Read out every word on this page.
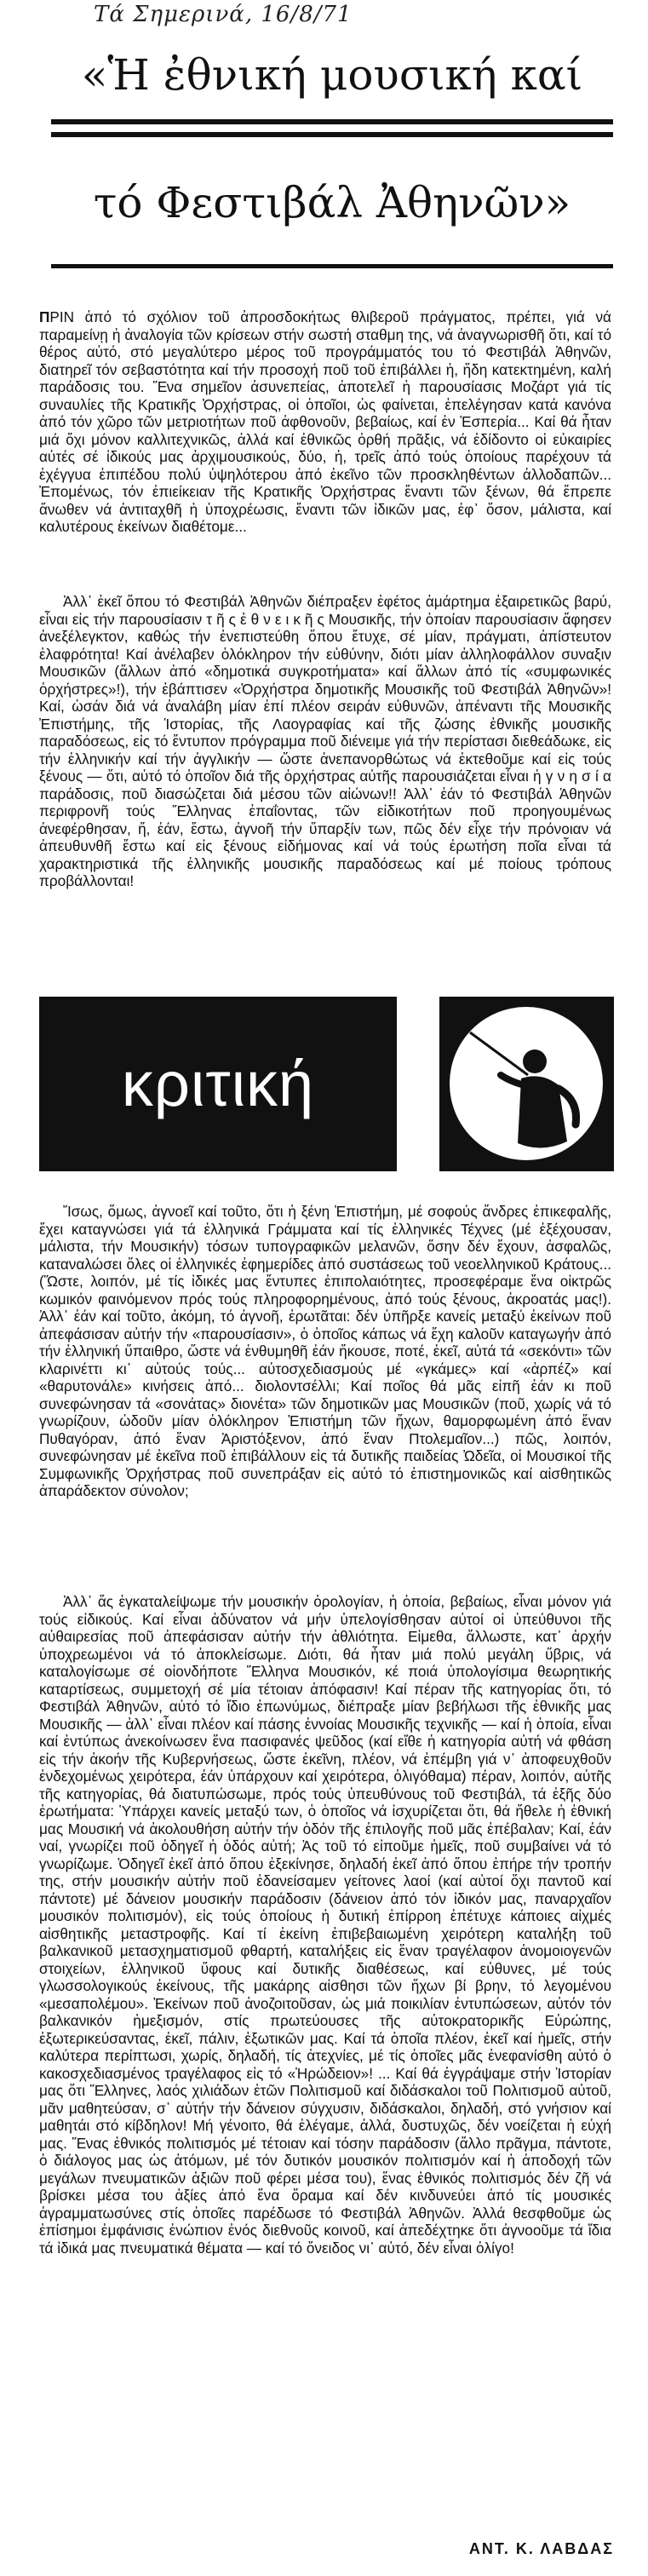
Τά Σημερινά, 16/8/71
«Ἡ ἐθνική μουσική καί
τό Φεστιβάλ Ἀθηνῶν»

ΠΡΙΝ ἀπό τό σχόλιον τοῦ ἀπροσδοκήτως θλιβεροῦ πράγματος, πρέπει, γιά νά παραμείνῃ ἡ ἀναλογία τῶν κρίσεων στήν σωστή σταθμη της, νά ἀναγνωρισθῆ ὅτι, καί τό θέρος αὐτό, στό μεγαλύτερο μέρος τοῦ προγράμματός του τό Φεστιβάλ Ἀθηνῶν, διατηρεῖ τόν σεβαστότητα καί τήν προσοχή ποῦ τοῦ ἐπιβάλλει ἡ, ἤδη κατεκτημένη, καλή παράδοσις του. Ἕνα σημεῖον ἀσυνεπείας, ἀποτελεῖ ἡ παρουσίασις Μοζάρτ γιά τίς συναυλίες τῆς Κρατικῆς Ὀρχήστρας, οἱ ὁποῖοι, ὡς φαίνεται, ἐπελέγησαν κατά κανόνα ἀπό τόν χῶρο τῶν μετριοτήτων ποῦ ἀφθονοῦν, βεβαίως, καί ἐν Ἑσπερία... Καί θά ἦταν μιά ὄχι μόνον καλλιτεχνικῶς, ἀλλά καί ἐθνικῶς ὀρθή πρᾶξις, νά ἐδίδοντο οἱ εὐκαιρίες αὐτές σέ ἰδικούς μας ἀρχιμουσικούς, δύο, ἡ, τρεῖς ἀπό τούς ὁποίους παρέχουν τά ἐχέγγυα ἐπιπέδου πολύ ὑψηλότερου ἀπό ἐκεῖνο τῶν προσκληθέντων ἀλλοδαπῶν... Ἐπομένως, τόν ἐπιείκειαν τῆς Κρατικῆς Ὀρχήστρας ἔναντι τῶν ξένων, θά ἔπρεπε ἄνωθεν νά ἀντιταχθῆ ἡ ὑποχρέωσις, ἔναντι τῶν ἰδικῶν μας, ἐφ᾽ ὅσον, μάλιστα, καί καλυτέρους ἐκείνων διαθέτομε...

Ἀλλ᾽ ἐκεῖ ὅπου τό Φεστιβάλ Ἀθηνῶν διέπραξεν ἐφέτος ἁμάρτημα ἐξαιρετικῶς βαρύ, εἶναι εἰς τήν παρουσίασιν τ ῆ ς ἐ θ ν ε ι κ ῆ ς Μουσικῆς, τήν ὁποίαν παρουσίασιν ἄφησεν ἀνεξέλεγκτον, καθώς τήν ἐνεπιστεύθη ὅπου ἔτυχε, σέ μίαν, πράγματι, ἀπίστευτον ἐλαφρότητα! Καί ἀνέλαβεν ὁλόκληρον τήν εὐθύνην, διότι μίαν ἀλληλοφάλλον συναξιν Μουσικῶν (ἄλλων ἀπό «δημοτικά συγκροτήματα» καί ἄλλων ἀπό τίς «συμφωνικές ὀρχήστρες»!), τήν ἐβάπτισεν «Ὀρχήστρα δημοτικῆς Μουσικῆς τοῦ Φεστιβάλ Ἀθηνῶν»! Καί, ὡσάν διά νά ἀναλάβη μίαν ἐπί πλέον σειράν εὐθυνῶν, ἀπέναντι τῆς Μουσικῆς Ἐπιστήμης, τῆς Ἱστορίας, τῆς Λαογραφίας καί τῆς ζώσης ἐθνικῆς μουσικῆς παραδόσεως, εἰς τό ἔντυπον πρόγραμμα ποῦ διένειμε γιά τήν περίστασι διεθεάδωκε, εἰς τήν ἑλληνικήν καί τήν ἀγγλικήν — ὥστε ἀνεπανορθώτως νά ἐκτεθοῦμε καί εἰς τούς ξένους — ὅτι, αὐτό τό ὁποῖον διά τῆς ὀρχήστρας αὐτῆς παρουσιάζεται εἶναι ἡ γ ν η σ ί α παράδοσις, ποῦ διασώζεται διά μέσου τῶν αἰώνων!! Ἀλλ᾽ ἐάν τό Φεστιβάλ Ἀθηνῶν περιφρονῆ τούς Ἕλληνας ἐπαΐοντας, τῶν εἰδικοτήτων ποῦ προηγουμένως ἀνεφέρθησαν, ἤ, ἐάν, ἔστω, ἀγνοῆ τήν ὕπαρξίν των, πῶς δέν εἶχε τήν πρόνοιαν νά ἀπευθυνθῆ ἔστω καί εἰς ξένους εἰδήμονας καί νά τούς ἐρωτήση ποῖα εἶναι τά χαρακτηριστικά τῆς ἑλληνικῆς μουσικῆς παραδόσεως καί μέ ποίους τρόπους προβάλλονται!

κριτική

Ἴσως, ὅμως, ἀγνοεῖ καί τοῦτο, ὅτι ἡ ξένη Ἐπιστήμη, μέ σοφούς ἄνδρες ἐπικεφαλῆς, ἔχει καταγνώσει γιά τά ἑλληνικά Γράμματα καί τίς ἑλληνικές Τέχνες (μέ ἐξέχουσαν, μάλιστα, τήν Μουσικήν) τόσων τυπογραφικῶν μελανῶν, ὅσην δέν ἔχουν, ἀσφαλῶς, καταναλώσει ὅλες οἱ ἑλληνικές ἐφημερίδες ἀπό συστάσεως τοῦ νεοελληνικοῦ Κράτους... (Ὥστε, λοιπόν, μέ τίς ἰδικές μας ἔντυπες ἐπιπολαιότητες, προσεφέραμε ἕνα οἰκτρῶς κωμικόν φαινόμενον πρός τούς πληροφορημένους, ἀπό τούς ξένους, ἀκροατάς μας!). Ἀλλ᾽ ἐάν καί τοῦτο, ἀκόμη, τό ἀγνοῆ, ἐρωτᾶται: δέν ὑπῆρξε κανείς μεταξύ ἐκείνων ποῦ ἀπεφάσισαν αὐτήν τήν «παρουσίασιν», ὁ ὁποῖος κάπως νά ἔχη καλοῦν καταγωγήν ἀπό τήν ἑλληνική ὕπαιθρο, ὥστε νά ἐνθυμηθῆ ἐάν ἤκουσε, ποτέ, ἐκεῖ, αὐτά τά «σεκόντι» τῶν κλαρινέττι κι᾽ αὐτούς τούς... αὐτοσχεδιασμούς μέ «γκάμες» καί «ἀρπέζ» καί «θαρυτονάλε» κινήσεις ἀπό... διολοντσέλλι; Καί ποῖος θά μᾶς εἰπῆ ἐάν κι ποῦ συνεφώνησαν τά «σονάτας» διονέτα» τῶν δημοτικῶν μας Μουσικῶν (ποῦ, χωρίς νά τό γνωρίζουν, ὡδοῦν μίαν ὁλόκληρον Ἐπιστήμη τῶν ἤχων, θαμορφωμένη ἀπό ἕναν Πυθαγόραν, ἀπό ἕναν Ἀριστόξενον, ἀπό ἕναν Πτολεμαῖον...) πῶς, λοιπόν, συνεφώνησαν μέ ἐκεῖνα ποῦ ἐπιβάλλουν εἰς τά δυτικῆς παιδείας Ὠδεῖα, οἱ Μουσικοί τῆς Συμφωνικῆς Ὀρχήστρας ποῦ συνεπράξαν εἰς αὐτό τό ἐπιστημονικῶς καί αἰσθητικῶς ἀπαράδεκτον σύνολον;

Ἀλλ᾽ ἄς ἐγκαταλείψωμε τήν μουσικήν ὀρολογίαν, ἡ ὁποία, βεβαίως, εἶναι μόνον γιά τούς εἰδικούς. Καί εἶναι ἀδύνατον νά μήν ὑπελογίσθησαν αὐτοί οἱ ὑπεύθυνοι τῆς αὐθαιρεσίας ποῦ ἀπεφάσισαν αὐτήν τήν ἀθλιότητα. Εἰμεθα, ἄλλωστε, κατ᾽ ἀρχήν ὑποχρεωμένοι νά τό ἀποκλείσωμε. Διότι, θά ἦταν μιά πολύ μεγάλη ὕβρις, νά καταλογίσωμε σέ οἰονδήποτε Ἕλληνα Μουσικόν, κέ ποιά ὑπολογίσιμα θεωρητικής καταρτίσεως, συμμετοχή σέ μία τέτοιαν ἀπόφασιν! Καί πέραν τῆς κατηγορίας ὅτι, τό Φεστιβάλ Ἀθηνῶν, αὐτό τό ἴδιο ἐπωνύμως, διέπραξε μίαν βεβήλωσι τῆς ἐθνικῆς μας Μουσικῆς — ἀλλ᾽ εἶναι πλέον καί πάσης ἐννοίας Μουσικῆς τεχνικῆς — καί ἡ ὁποία, εἶναι καί ἐντύπως ἀνεκοίνωσεν ἕνα πασιφανές ψεῦδος (καί εἴθε ἡ κατηγορία αὐτή νά φθάση εἰς τήν ἀκοήν τῆς Κυβερνήσεως, ὥστε ἐκεῖνη, πλέον, νά ἐπέμβη γιά ν᾽ ἀποφευχθοῦν ἐνδεχομένως χειρότερα, ἐάν ὑπάρχουν καί χειρότερα, ὁλιγόθαμα) πέραν, λοιπόν, αὐτῆς τῆς κατηγορίας, θά διατυπώσωμε, πρός τούς ὑπευθύνους τοῦ Φεστιβάλ, τά ἑξῆς δύο ἐρωτήματα: Ὑπάρχει κανείς μεταξύ των, ὁ ὁποῖος νά ἰσχυρίζεται ὅτι, θά ἤθελε ἡ ἐθνική μας Μουσική νά ἀκολουθήση αὐτήν τήν ὁδόν τῆς ἐπιλογῆς ποῦ μᾶς ἐπέβαλαν; Καί, ἐάν ναί, γνωρίζει ποῦ ὁδηγεῖ ἡ ὁδός αὐτή; Ἀς τοῦ τό εἰποῦμε ἡμεῖς, ποῦ συμβαίνει νά τό γνωρίζωμε. Ὁδηγεῖ ἐκεῖ ἀπό ὅπου ἐξεκίνησε, δηλαδή ἐκεῖ ἀπό ὅπου ἐπήρε τήν τροπήν της, στήν μουσικήν αὐτήν ποῦ ἐδανείσαμεν γείτονες λαοί (καί αὐτοί ὅχι παντοῦ καί πάντοτε) μέ δάνειον μουσικήν παράδοσιν (δάνειον ἀπό τόν ἰδικόν μας, παναρχαῖον μουσικόν πολιτισμόν), εἰς τούς ὁποίους ἡ δυτική ἐπίρροη ἐπέτυχε κάποιες αἰχμές αἰσθητικῆς μεταστροφῆς. Καί τί ἐκείνη ἐπιβεβαιωμένη χειρότερη καταλήξη τοῦ βαλκανικοῦ μετασχηματισμοῦ φθαρτή, καταλήξεις εἰς ἕναν τραγέλαφον ἀνομοιογενῶν στοιχείων, ἑλληνικοῦ ὕφους καί δυτικῆς διαθέσεως, καί εὐθυνες, μέ τούς γλωσσολογικούς ἐκείνους, τῆς μακάρης αἰσθησι τῶν ἤχων βί βρην, τό λεγομένου «μεσαπολέμου». Ἐκείνων ποῦ ἀνοζοιτοῦσαν, ὡς μιά ποικιλίαν ἐντυπώσεων, αὐτόν τόν βαλκανικόν ἠμεξισμόν, στίς πρωτεύουσες τῆς αὐτοκρατορικῆς Εὐρώπης, ἐξωτερικεύσαντας, ἐκεῖ, πάλιν, ἐξωτικῶν μας. Καί τά ὁποῖα πλέον, ἐκεῖ καί ἡμεῖς, στήν καλύτερα περίπτωσι, χωρίς, δηλαδή, τίς ἀτεχνίες, μέ τίς ὁποῖες μᾶς ἐνεφανίσθη αὐτό ὁ κακοσχεδιασμένος τραγέλαφος εἰς τό «Ἡρώδειον»! ... Καί θά ἐγγράψαμε στήν Ἱστορίαν μας ὅτι Ἕλληνες, λαός χιλιάδων ἐτῶν Πολιτισμοῦ καί διδάσκαλοι τοῦ Πολιτισμοῦ αὐτοῦ, μᾶν μαθητεύσαν, σ᾽ αὐτήν τήν δάνειον σύγχυσιν, διδάσκαλοι, δηλαδή, στό γνήσιον καί μαθητάι στό κίβδηλον! Μή γένοιτο, θά ἐλέγαμε, ἀλλά, δυστυχῶς, δέν νοείζεται ἡ εὐχή μας. Ἕνας ἐθνικός πολιτισμός μέ τέτοιαν καί τόσην παράδοσιν (ἄλλο πρᾶγμα, πάντοτε, ὁ διάλογος μας ὡς ἀτόμων, μέ τόν δυτικόν μουσικόν πολιτισμόν καί ἡ ἀποδοχή τῶν μεγάλων πνευματικῶν ἀξιῶν ποῦ φέρει μέσα του), ἕνας ἐθνικός πολιτισμός δέν ζῆ νά βρίσκει μέσα του ἀξίες ἀπό ἔνα ὅραμα καί δέν κινδυνεύει ἀπό τίς μουσικές ἀγραμματωσύνες στίς ὁποῖες παρέδωσε τό Φεστιβάλ Ἀθηνῶν. Ἀλλά θεσφθοῦμε ὡς ἐπίσημοι ἐμφάνισις ἐνώπιον ἐνός διεθνοῦς κοινοῦ, καί ἀπεδέχτηκε ὅτι ἀγνοοῦμε τά ἴδια τά ἰδικά μας πνευματικά θέματα — καί τό ὄνειδος νι᾽ αὐτό, δέν εἶναι ὀλίγο!

ΑΝΤ. Κ. ΛΑΒΔΑΣ
